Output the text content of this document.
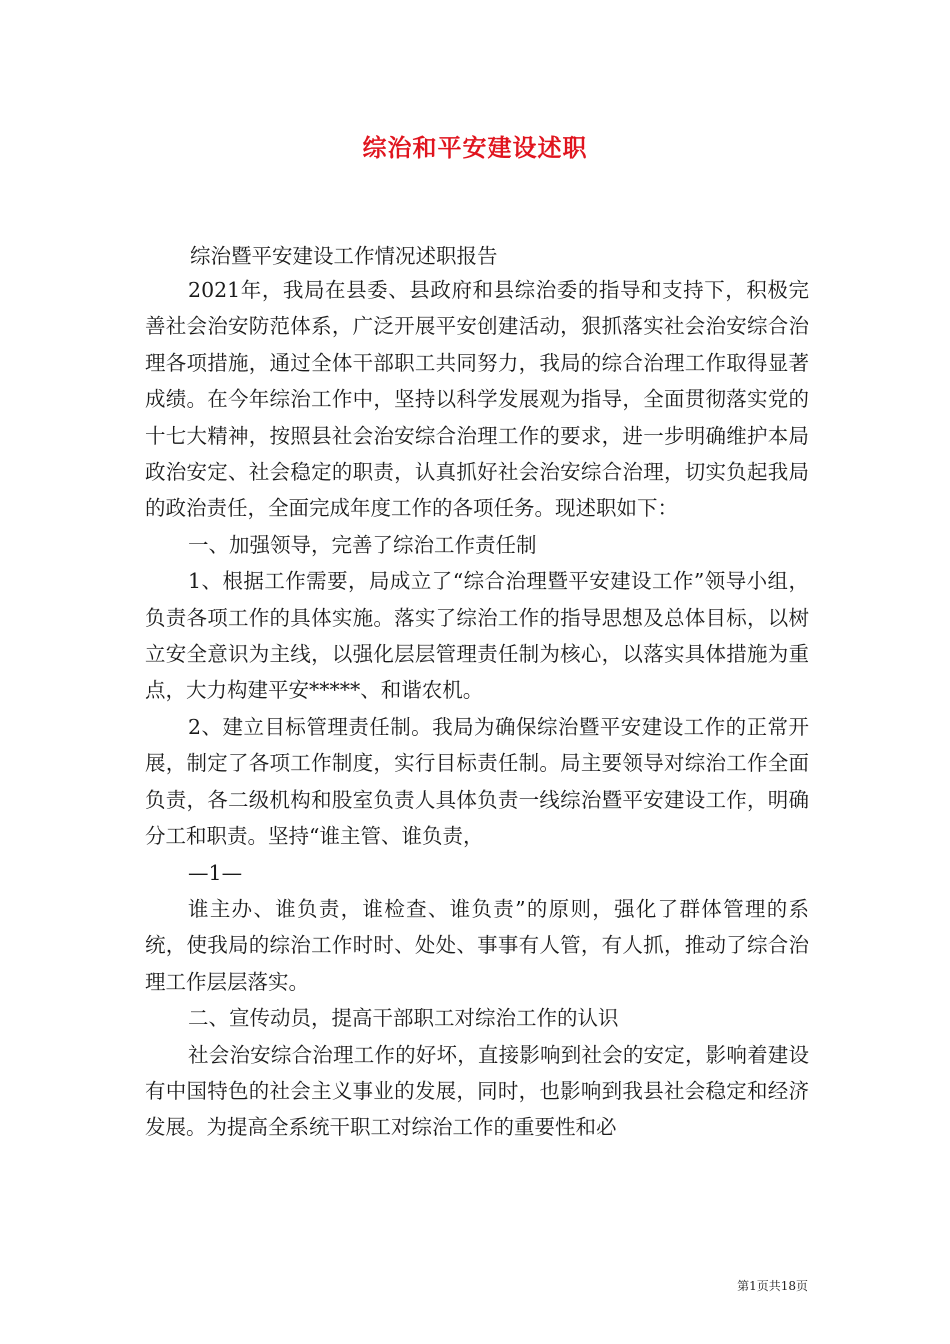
综治和平安建设述职
综治暨平安建设工作情况述职报告

2021年，我局在县委、县政府和县综治委的指导和支持下，积极完善社会治安防范体系，广泛开展平安创建活动，狠抓落实社会治安综合治理各项措施，通过全体干部职工共同努力，我局的综合治理工作取得显著成绩。在今年综治工作中，坚持以科学发展观为指导，全面贯彻落实党的十七大精神，按照县社会治安综合治理工作的要求，进一步明确维护本局政治安定、社会稳定的职责，认真抓好社会治安综合治理，切实负起我局的政治责任，全面完成年度工作的各项任务。现述职如下：

一、加强领导，完善了综治工作责任制

1、根据工作需要，局成立了“综合治理暨平安建设工作”领导小组，负责各项工作的具体实施。落实了综治工作的指导思想及总体目标，以树立安全意识为主线，以强化层层管理责任制为核心，以落实具体措施为重点，大力构建平安*****、和谐农机。

2、建立目标管理责任制。我局为确保综治暨平安建设工作的正常开展，制定了各项工作制度，实行目标责任制。局主要领导对综治工作全面负责，各二级机构和股室负责人具体负责一线综治暨平安建设工作，明确分工和职责。坚持“谁主管、谁负责，

—1—

谁主办、谁负责，谁检查、谁负责”的原则，强化了群体管理的系统，使我局的综治工作时时、处处、事事有人管，有人抓，推动了综合治理工作层层落实。

二、宣传动员，提高干部职工对综治工作的认识

社会治安综合治理工作的好坏，直接影响到社会的安定，影响着建设有中国特色的社会主义事业的发展，同时，也影响到我县社会稳定和经济发展。为提高全系统干职工对综治工作的重要性和必

第1页共18页
